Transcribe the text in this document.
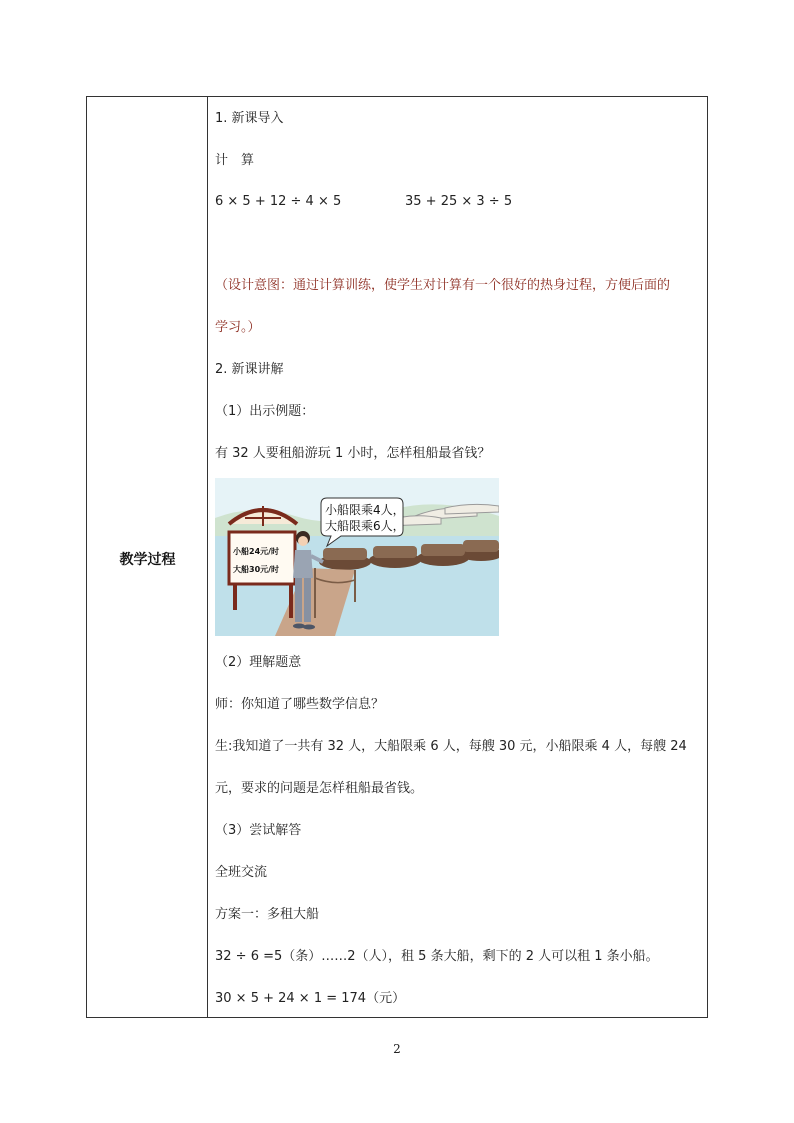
教学过程
1. 新课导入
计　算
6 × 5 + 12 ÷ 4 × 5	35 + 25 × 3 ÷ 5
（设计意图：通过计算训练，使学生对计算有一个很好的热身过程，方便后面的
学习。）
2. 新课讲解
（1）出示例题：
有 32 人要租船游玩 1 小时，怎样租船最省钱？
小船24元/时
大船30元/时
小船限乘4人，
大船限乘6人，
（2）理解题意
师：你知道了哪些数学信息？
生:我知道了一共有 32 人，大船限乘 6 人，每艘 30 元，小船限乘 4 人，每艘 24
元，要求的问题是怎样租船最省钱。
（3）尝试解答
全班交流
方案一：多租大船
32 ÷ 6 =5（条）……2（人），租 5 条大船，剩下的 2 人可以租 1 条小船。
30 × 5 + 24 × 1 = 174（元）
2
